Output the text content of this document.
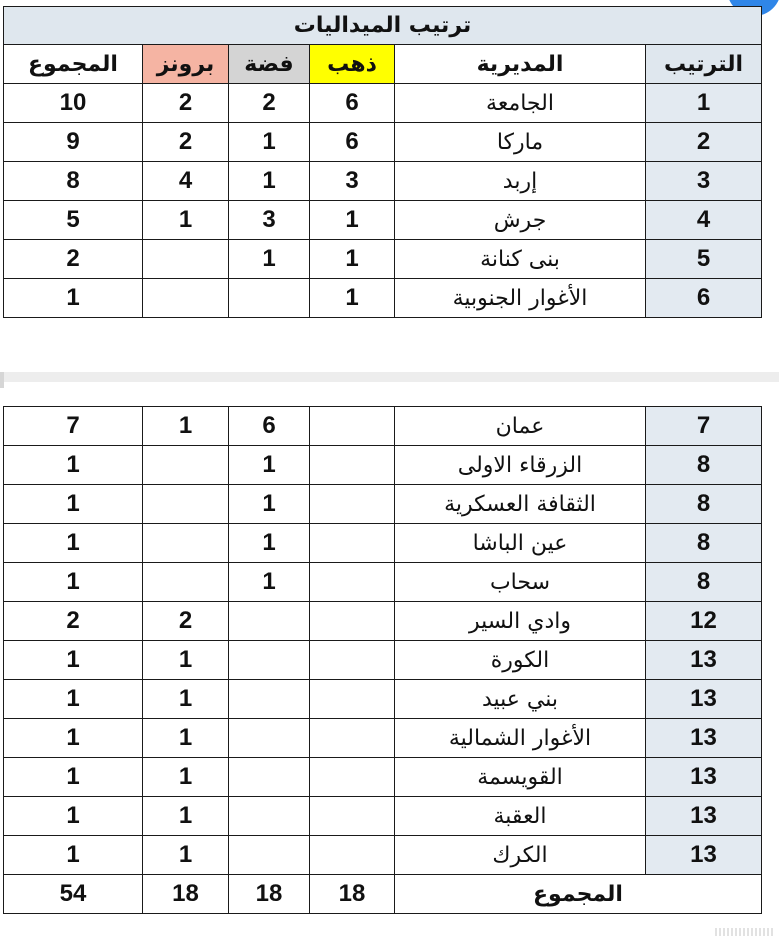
ترتيب الميداليات					
المجموع	برونز	فضة	ذهب	المديرية	الترتيب
10	2	2	6	الجامعة	1
9	2	1	6	ماركا	2
8	4	1	3	إربد	3
5	1	3	1	جرش	4
2		1	1	بنى كنانة	5
1			1	الأغوار الجنوبية	6
7	1	6		عمان	7
1		1		الزرقاء الاولى	8
1		1		الثقافة العسكرية	8
1		1		عين الباشا	8
1		1		سحاب	8
2	2			وادي السير	12
1	1			الكورة	13
1	1			بني عبيد	13
1	1			الأغوار الشمالية	13
1	1			القويسمة	13
1	1			العقبة	13
1	1			الكرك	13
54	18	18	18	المجموع	
